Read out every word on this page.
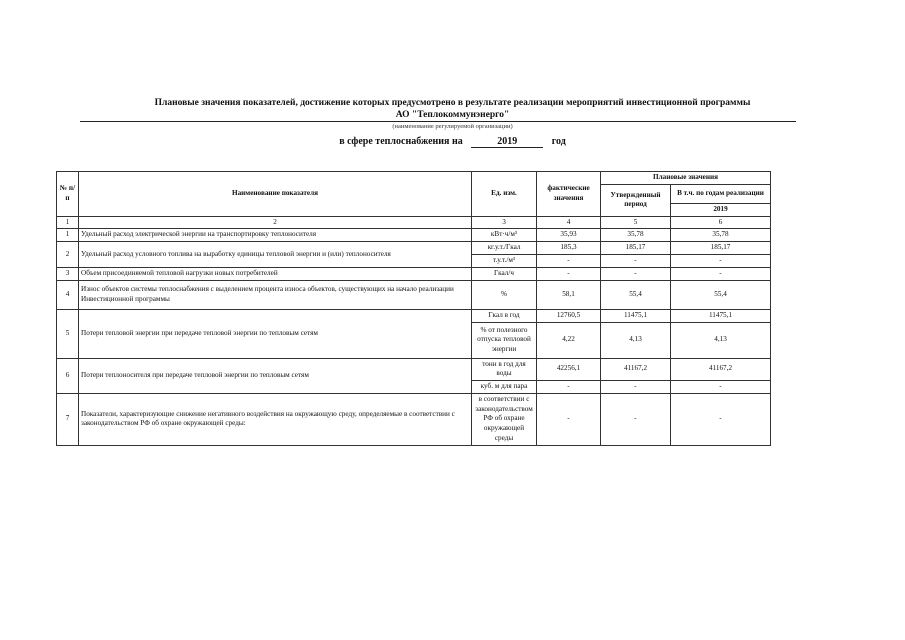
Плановые значения показателей, достижение которых предусмотрено в результате реализации мероприятий инвестиционной программы
АО "Теплокоммунэнерго"
(наименование регулируемой организации)
в сфере теплоснабжения на	2019	год
№ п/п	Наименование показателя	Ед. изм.	фактические значения	Плановые значения	
				Утвержденный период	В т.ч. по годам реализации
					2019
1	2	3	4	5	6
1	Удельный расход электрической энергии на транспортировку теплоносителя	кВт·ч/м³	35,93	35,78	35,78
2	Удельный расход условного топлива на выработку единицы тепловой энергии и (или) теплоносителя	кг.у.т./Гкал	185,3	185,17	185,17
		т.у.т./м³	-	-	-
3	Объем присоединяемой тепловой нагрузки новых потребителей	Гкал/ч	-	-	-
4	Износ объектов системы теплоснабжения с выделением процента износа объектов, существующих на начало реализации Инвестиционной программы	%	58,1	55,4	55,4
5	Потери тепловой энергии при передаче тепловой энергии по тепловым сетям	Гкал в год	12760,5	11475,1	11475,1
		% от полезного отпуска тепловой энергии	4,22	4,13	4,13
6	Потери теплоносителя при передаче тепловой энергии по тепловым сетям	тонн в год для воды	42256,1	41167,2	41167,2
		куб. м для пара	-	-	-
7	Показатели, характеризующие снижение негативного воздействия на окружающую среду, определяемые в соответствии с законодательством РФ об охране окружающей среды:	в соответствии с законодательством РФ об охране окружающей среды	-	-	-
